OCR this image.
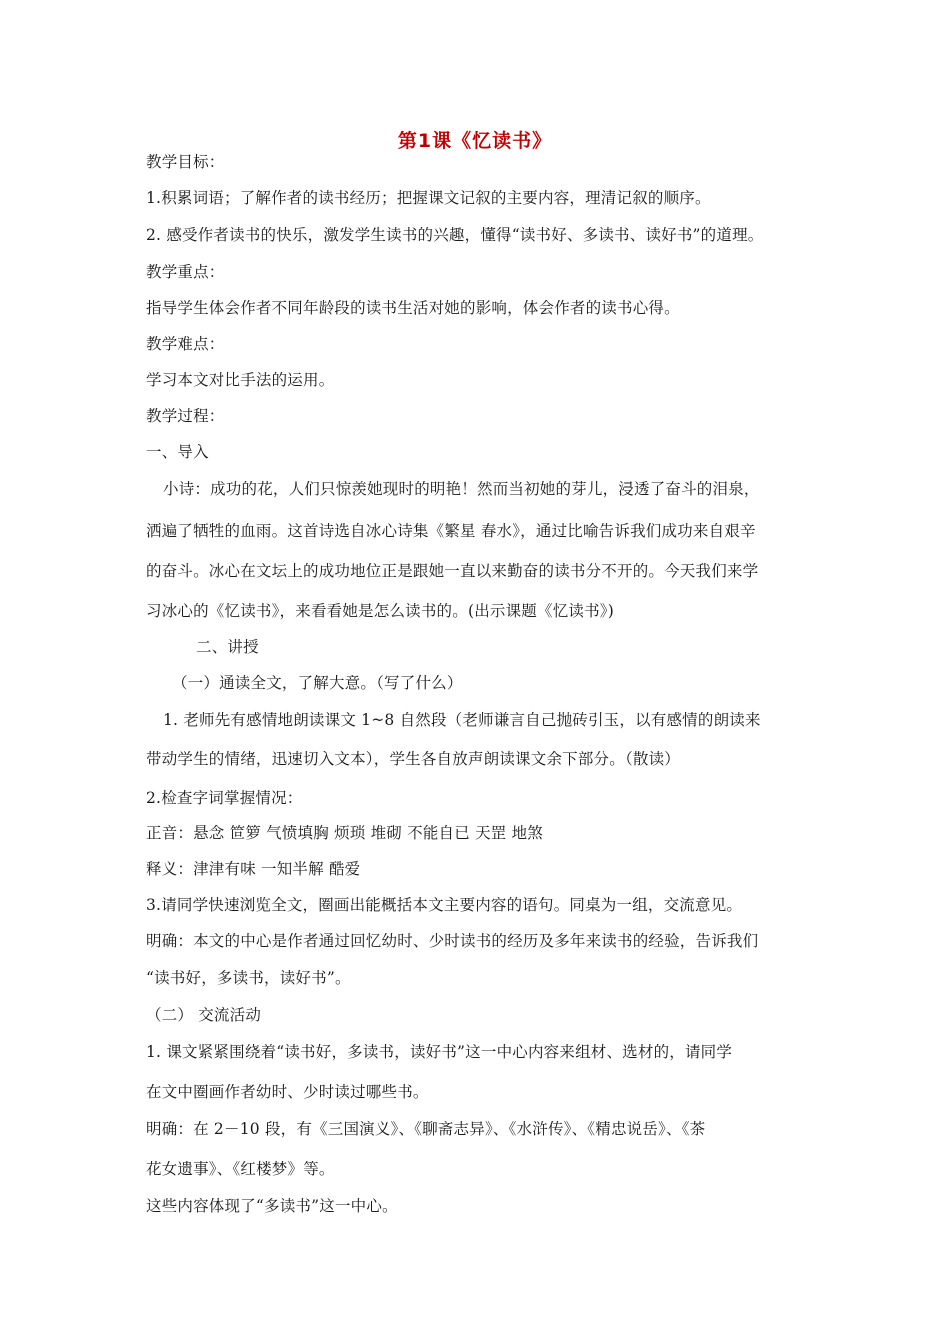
第1课《忆读书》
教学目标：
1.积累词语；了解作者的读书经历；把握课文记叙的主要内容，理清记叙的顺序。
2. 感受作者读书的快乐，激发学生读书的兴趣，懂得“读书好、多读书、读好书”的道理。
教学重点：
指导学生体会作者不同年龄段的读书生活对她的影响，体会作者的读书心得。
教学难点：
学习本文对比手法的运用。
教学过程：
一、导入
小诗：成功的花，人们只惊羡她现时的明艳！然而当初她的芽儿，浸透了奋斗的泪泉，
洒遍了牺牲的血雨。这首诗选自冰心诗集《繁星 春水》，通过比喻告诉我们成功来自艰辛
的奋斗。冰心在文坛上的成功地位正是跟她一直以来勤奋的读书分不开的。今天我们来学
习冰心的《忆读书》，来看看她是怎么读书的。(出示课题《忆读书》)
二、讲授
（一）通读全文，了解大意。（写了什么）
1. 老师先有感情地朗读课文 1~8 自然段（老师谦言自己抛砖引玉，以有感情的朗读来
带动学生的情绪，迅速切入文本），学生各自放声朗读课文余下部分。（散读）
2.检查字词掌握情况：
正音：悬念 笸箩 气愤填胸 烦琐 堆砌 不能自已 天罡 地煞
释义：津津有味 一知半解 酷爱
3.请同学快速浏览全文，圈画出能概括本文主要内容的语句。同桌为一组，交流意见。
明确：本文的中心是作者通过回忆幼时、少时读书的经历及多年来读书的经验，告诉我们
“读书好，多读书，读好书”。
（二） 交流活动
1. 课文紧紧围绕着“读书好，多读书，读好书”这一中心内容来组材、选材的，请同学
在文中圈画作者幼时、少时读过哪些书。
明确：在 2－10 段，有《三国演义》、《聊斋志异》、《水浒传》、《精忠说岳》、《茶
花女遗事》、《红楼梦》等。
这些内容体现了“多读书”这一中心。
